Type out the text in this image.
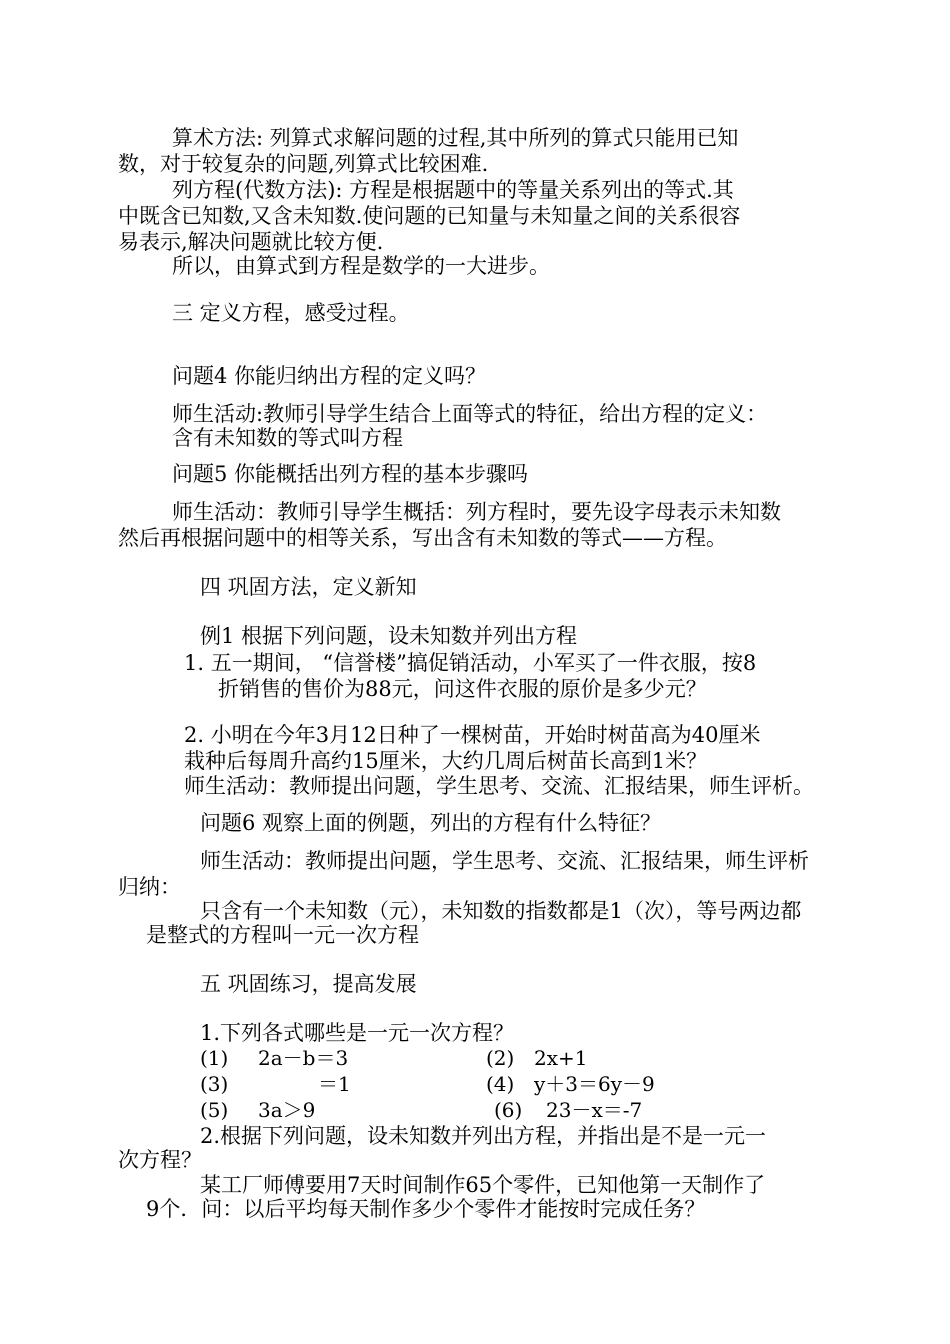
算术方法: 列算式求解问题的过程,其中所列的算式只能用已知
数，对于较复杂的问题,列算式比较困难.
列方程(代数方法): 方程是根据题中的等量关系列出的等式.其
中既含已知数,又含未知数.使问题的已知量与未知量之间的关系很容
易表示,解决问题就比较方便.
所以，由算式到方程是数学的一大进步。
三 定义方程，感受过程。
问题4 你能归纳出方程的定义吗？
师生活动:教师引导学生结合上面等式的特征，给出方程的定义：
含有未知数的等式叫方程
问题5 你能概括出列方程的基本步骤吗
师生活动：教师引导学生概括：列方程时，要先设字母表示未知数
然后再根据问题中的相等关系，写出含有未知数的等式——方程。
四 巩固方法，定义新知
例1 根据下列问题，设未知数并列出方程
1. 五一期间， “信誉楼”搞促销活动，小军买了一件衣服，按8
折销售的售价为88元，问这件衣服的原价是多少元？
2. 小明在今年3月12日种了一棵树苗，开始时树苗高为40厘米
栽种后每周升高约15厘米，大约几周后树苗长高到1米？
师生活动：教师提出问题，学生思考、交流、汇报结果，师生评析。
问题6 观察上面的例题，列出的方程有什么特征？
师生活动：教师提出问题，学生思考、交流、汇报结果，师生评析
归纳：
只含有一个未知数（元），未知数的指数都是1（次），等号两边都
是整式的方程叫一元一次方程
五 巩固练习，提高发展
1.下列各式哪些是一元一次方程？
(1) 2a－b＝3	(2) 2x+1
(3)	＝1	(4) y＋3＝6y－9
(5) 3a＞9	(6) 23－x＝-7
2.根据下列问题，设未知数并列出方程，并指出是不是一元一
次方程？
某工厂师傅要用7天时间制作65个零件，已知他第一天制作了
9个．问：以后平均每天制作多少个零件才能按时完成任务？
